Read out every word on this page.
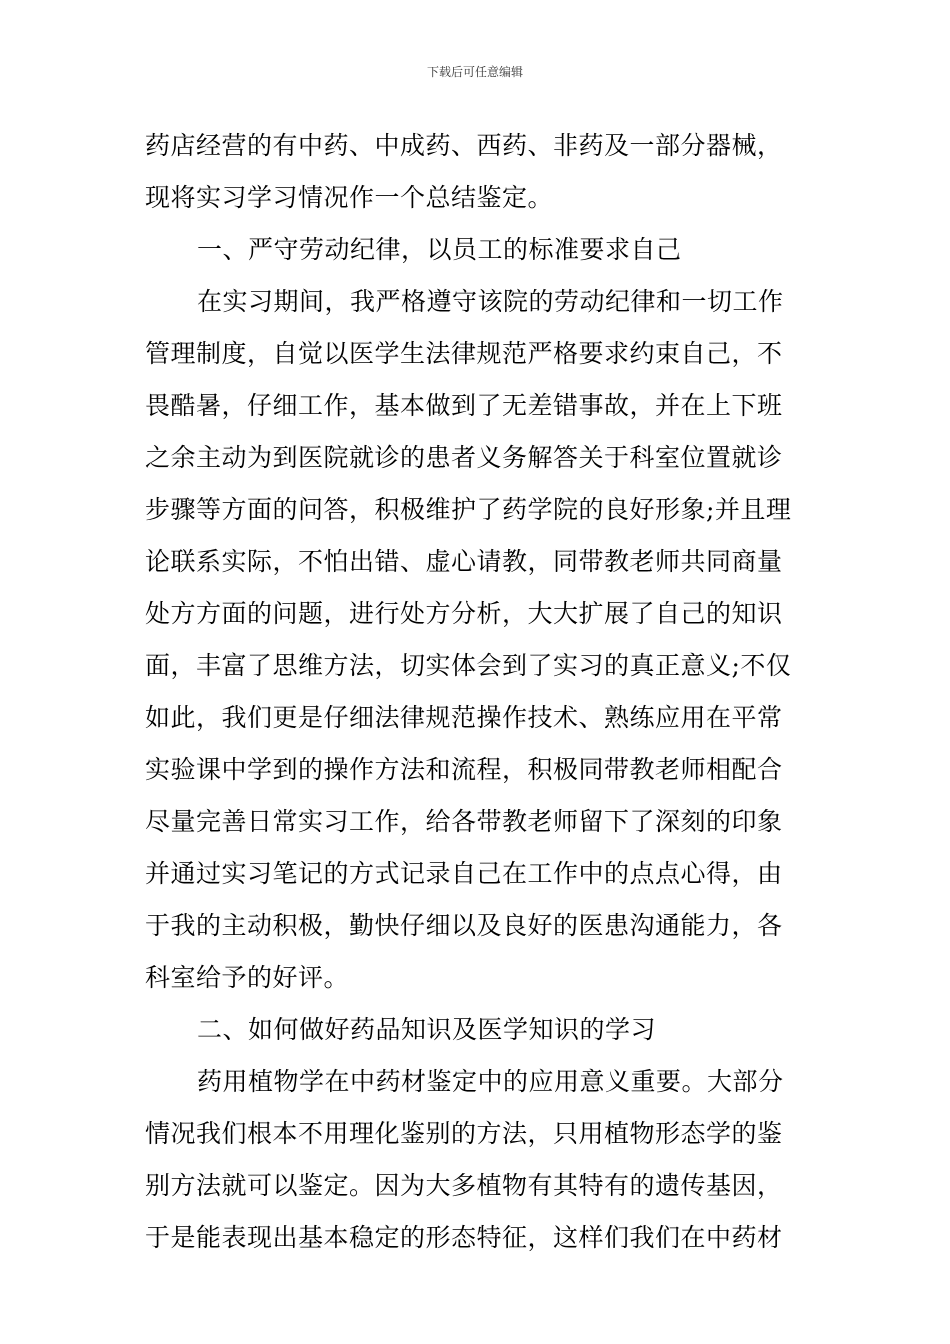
下载后可任意编辑
药店经营的有中药、中成药、西药、非药及一部分器械，
现将实习学习情况作一个总结鉴定。
一、严守劳动纪律，以员工的标准要求自己
在实习期间，我严格遵守该院的劳动纪律和一切工作
管理制度，自觉以医学生法律规范严格要求约束自己，不
畏酷暑，仔细工作，基本做到了无差错事故，并在上下班
之余主动为到医院就诊的患者义务解答关于科室位置就诊
步骤等方面的问答，积极维护了药学院的良好形象;并且理
论联系实际，不怕出错、虚心请教，同带教老师共同商量
处方方面的问题，进行处方分析，大大扩展了自己的知识
面，丰富了思维方法，切实体会到了实习的真正意义;不仅
如此，我们更是仔细法律规范操作技术、熟练应用在平常
实验课中学到的操作方法和流程，积极同带教老师相配合
尽量完善日常实习工作，给各带教老师留下了深刻的印象
并通过实习笔记的方式记录自己在工作中的点点心得，由
于我的主动积极，勤快仔细以及良好的医患沟通能力，各
科室给予的好评。
二、如何做好药品知识及医学知识的学习
药用植物学在中药材鉴定中的应用意义重要。大部分
情况我们根本不用理化鉴别的方法，只用植物形态学的鉴
别方法就可以鉴定。因为大多植物有其特有的遗传基因，
于是能表现出基本稳定的形态特征，这样们我们在中药材
